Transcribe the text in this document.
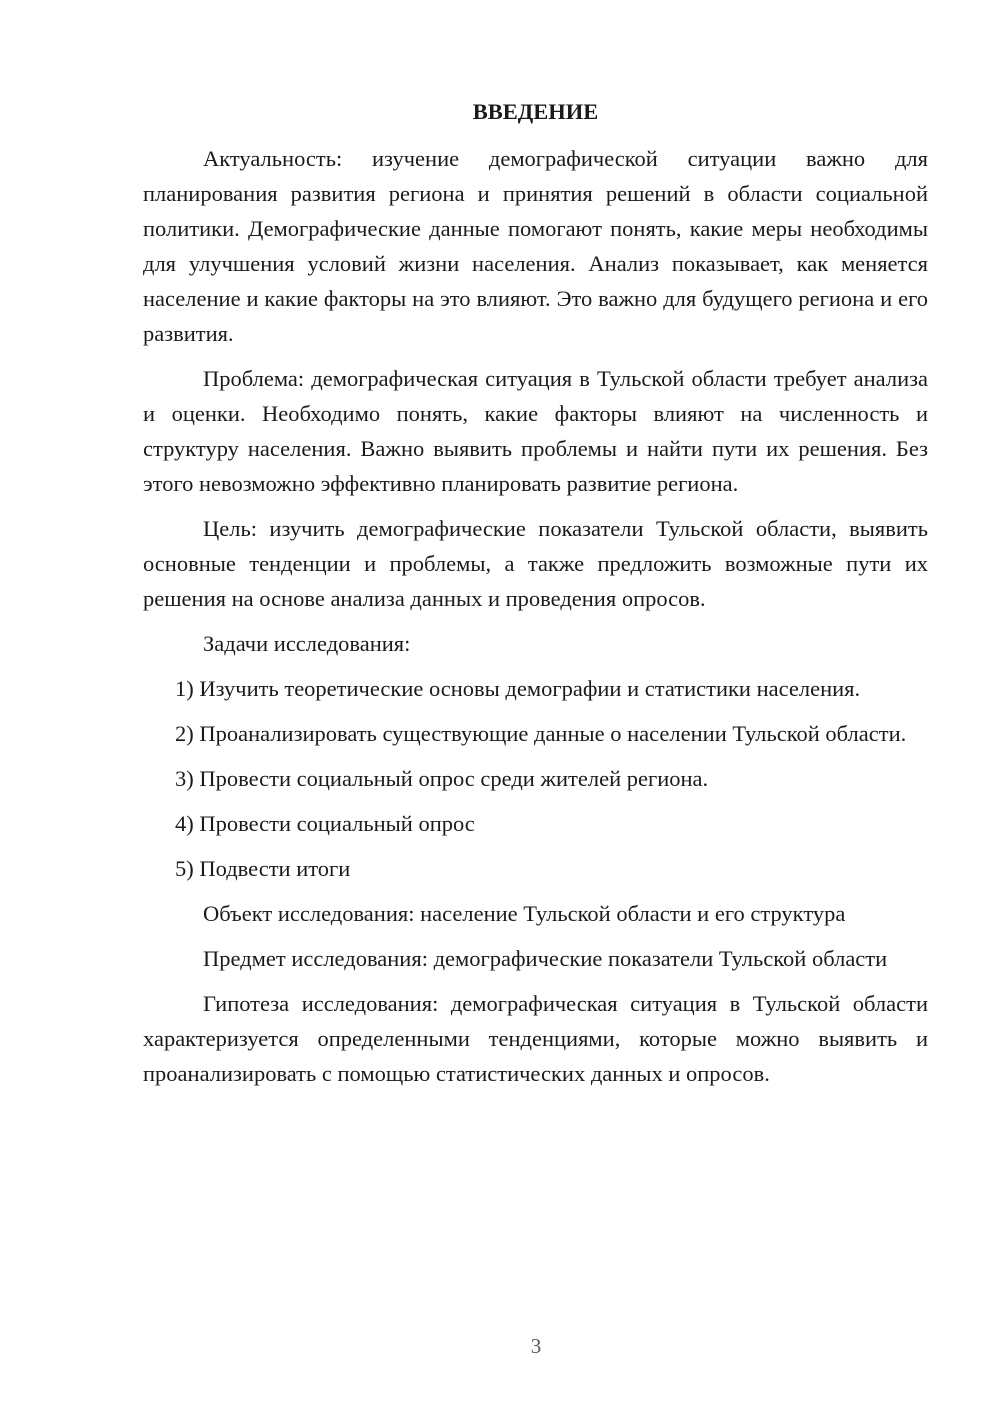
ВВЕДЕНИЕ

Актуальность: изучение демографической ситуации важно для планирования развития региона и принятия решений в области социальной политики. Демографические данные помогают понять, какие меры необходимы для улучшения условий жизни населения. Анализ показывает, как меняется население и какие факторы на это влияют. Это важно для будущего региона и его развития.

Проблема: демографическая ситуация в Тульской области требует анализа и оценки. Необходимо понять, какие факторы влияют на численность и структуру населения. Важно выявить проблемы и найти пути их решения. Без этого невозможно эффективно планировать развитие региона.

Цель: изучить демографические показатели Тульской области, выявить основные тенденции и проблемы, а также предложить возможные пути их решения на основе анализа данных и проведения опросов.

Задачи исследования:

1) Изучить теоретические основы демографии и статистики населения.

2) Проанализировать существующие данные о населении Тульской области.

3) Провести социальный опрос среди жителей региона.

4) Провести социальный опрос

5) Подвести итоги

Объект исследования: население Тульской области и его структура

Предмет исследования: демографические показатели Тульской области

Гипотеза исследования: демографическая ситуация в Тульской области характеризуется определенными тенденциями, которые можно выявить и проанализировать с помощью статистических данных и опросов.

3
